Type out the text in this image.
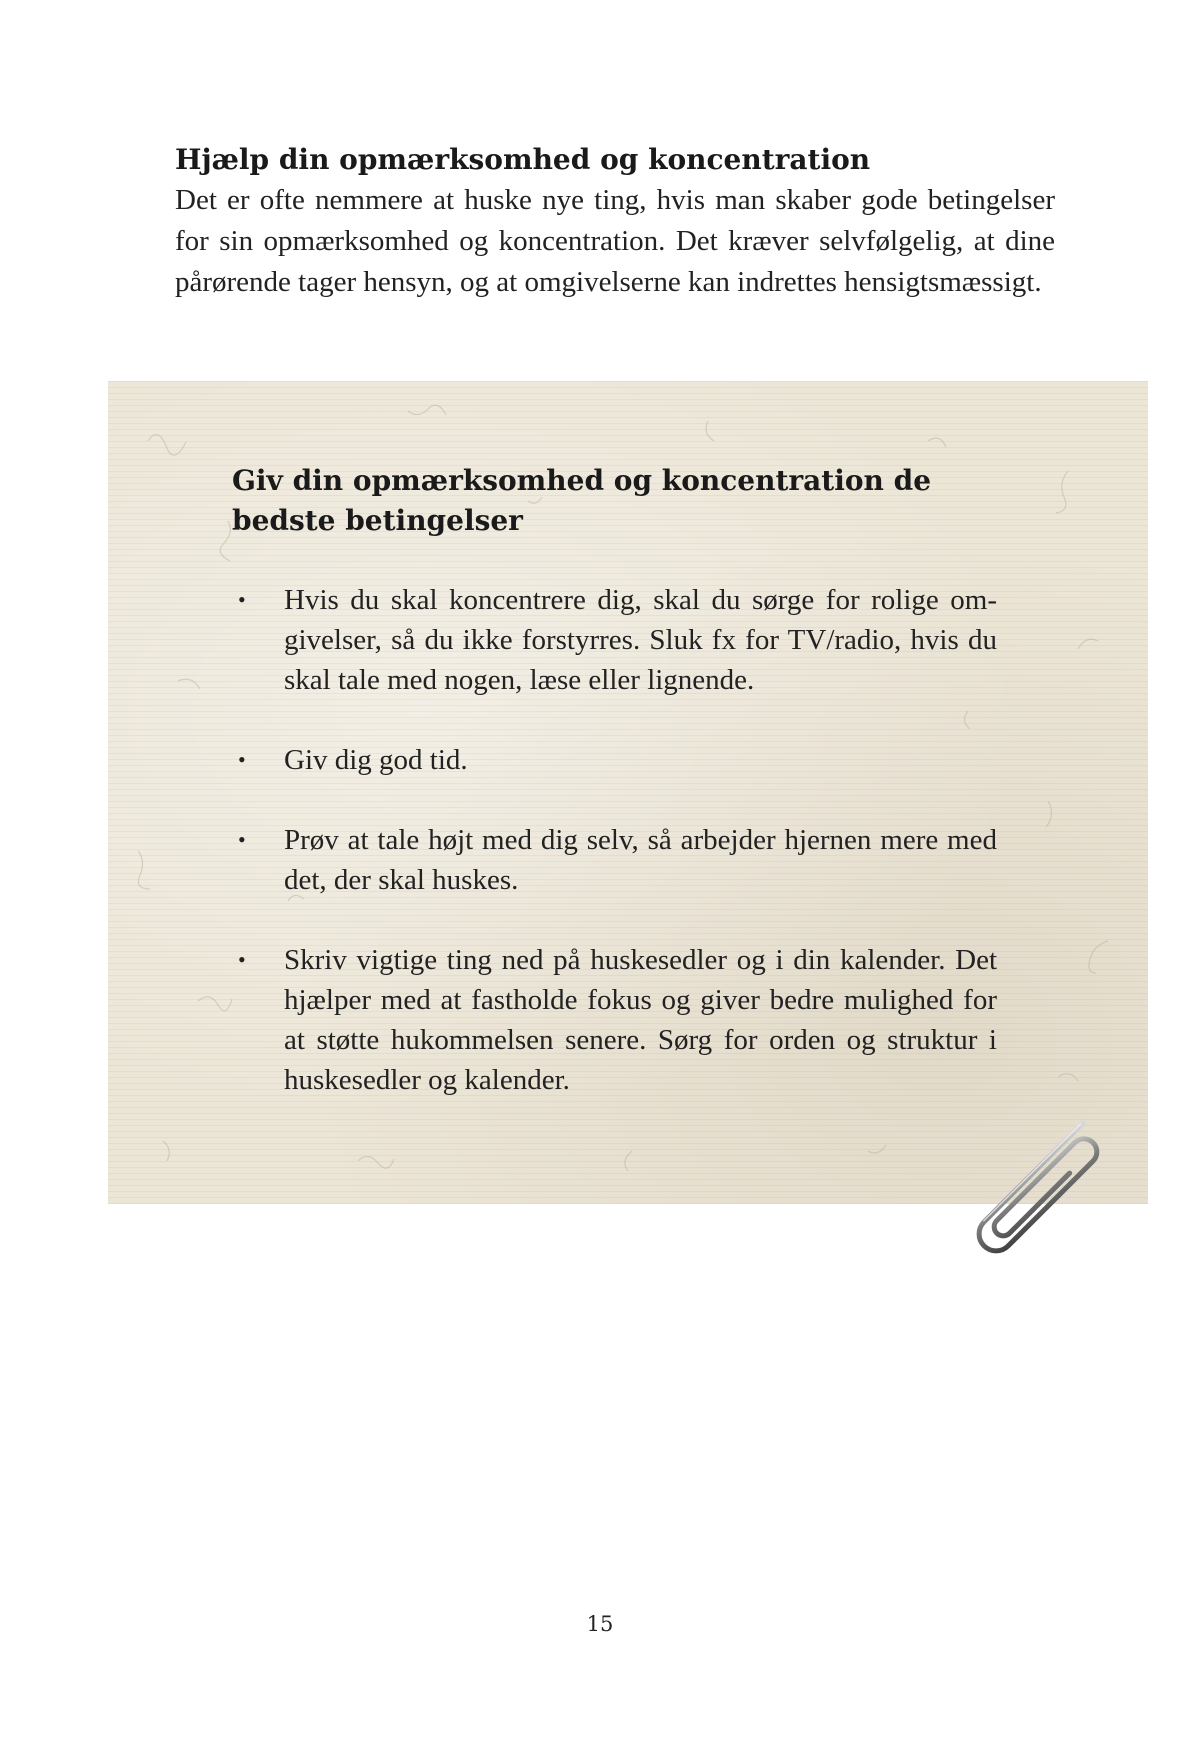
Hjælp din opmærksomhed og koncentration

Det er ofte nemmere at huske nye ting, hvis man skaber gode betingelser for sin opmærksomhed og koncentration. Det kræver selvfølgelig, at dine pårørende tager hensyn, og at omgivelserne kan indrettes hensigtsmæssigt.

Giv din opmærksomhed og koncentration de bedste betingelser
• Hvis du skal koncentrere dig, skal du sørge for rolige omgivelser, så du ikke forstyrres. Sluk fx for TV/radio, hvis du skal tale med nogen, læse eller lignende.
• Giv dig god tid.
• Prøv at tale højt med dig selv, så arbejder hjernen mere med det, der skal huskes.
• Skriv vigtige ting ned på huskesedler og i din kalender. Det hjælper med at fastholde fokus og giver bedre mulighed for at støtte hukommelsen senere. Sørg for orden og struktur i huskesedler og kalender.
15
